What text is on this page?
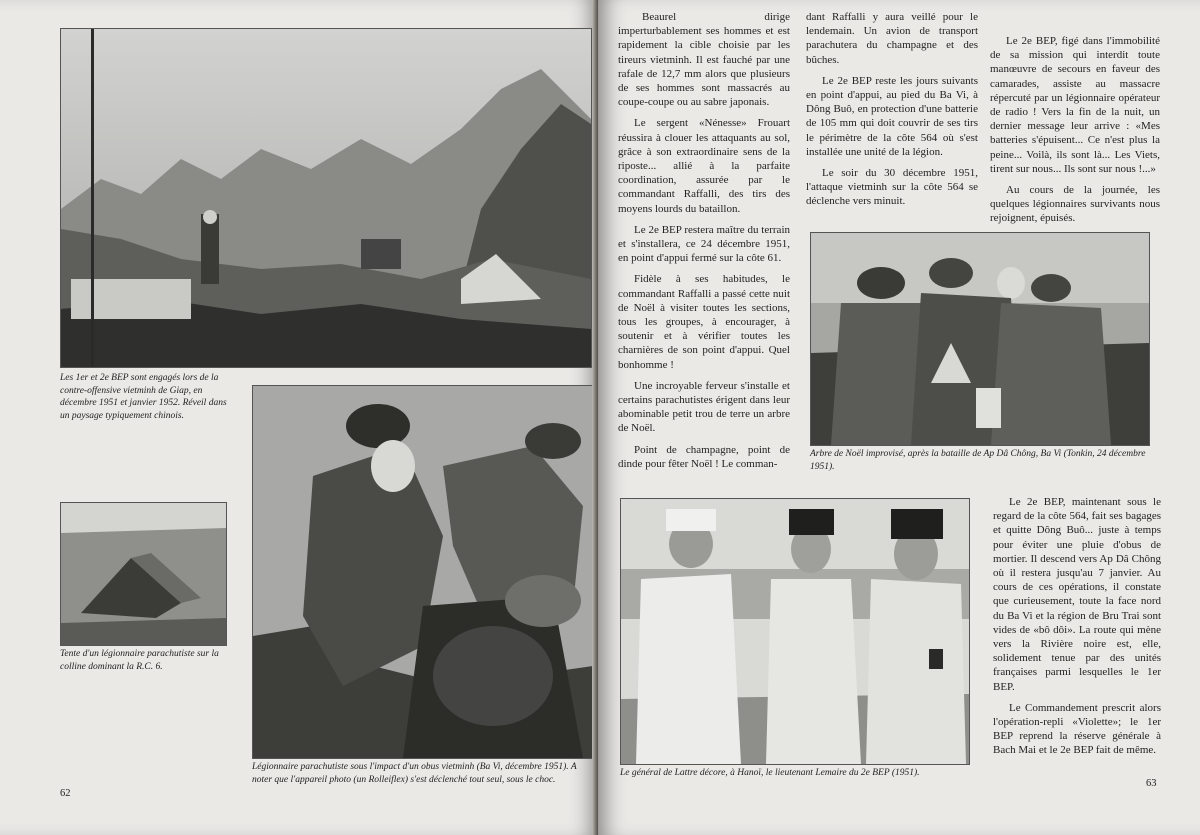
Les 1er et 2e BEP sont engagés lors de la contre-offensive vietminh de Giap, en décembre 1951 et janvier 1952. Réveil dans un paysage typiquement chinois.
Tente d'un légionnaire parachutiste sur la colline dominant la R.C. 6.
Légionnaire parachutiste sous l'impact d'un obus vietminh (Ba Vi, décembre 1951). A noter que l'appareil photo (un Rolleiflex) s'est déclenché tout seul, sous le choc.
62

Beaurel dirige imperturbablement ses hommes et est rapidement la cible choisie par les tireurs vietminh. Il est fauché par une rafale de 12,7 mm alors que plusieurs de ses hommes sont massacrés au coupe-coupe ou au sabre japonais.

Le sergent «Nénesse» Frouart réussira à clouer les attaquants au sol, grâce à son extraordinaire sens de la riposte... allié à la parfaite coordination, assurée par le commandant Raffalli, des tirs des moyens lourds du bataillon.

Le 2e BEP restera maître du terrain et s'installera, ce 24 décembre 1951, en point d'appui fermé sur la côte 61.

Fidèle à ses habitudes, le commandant Raffalli a passé cette nuit de Noël à visiter toutes les sections, tous les groupes, à encourager, à soutenir et à vérifier toutes les charnières de son point d'appui. Quel bonhomme !

Une incroyable ferveur s'installe et certains parachutistes érigent dans leur abominable petit trou de terre un arbre de Noël.

Point de champagne, point de dinde pour fêter Noël ! Le comman-

dant Raffalli y aura veillé pour le lendemain. Un avion de transport parachutera du champagne et des bûches.

Le 2e BEP reste les jours suivants en point d'appui, au pied du Ba Vi, à Dông Buô, en protection d'une batterie de 105 mm qui doit couvrir de ses tirs le périmètre de la côte 564 où s'est installée une unité de la légion.

Le soir du 30 décembre 1951, l'attaque vietminh sur la côte 564 se déclenche vers minuit.

Le 2e BEP, figé dans l'immobilité de sa mission qui interdit toute manœuvre de secours en faveur des camarades, assiste au massacre répercuté par un légionnaire opérateur de radio ! Vers la fin de la nuit, un dernier message leur arrive : «Mes batteries s'épuisent... Ce n'est plus la peine... Voilà, ils sont là... Les Viets, tirent sur nous... Ils sont sur nous !...»

Au cours de la journée, les quelques légionnaires survivants nous rejoignent, épuisés.

Arbre de Noël improvisé, après la bataille de Ap Dâ Chông, Ba Vi (Tonkin, 24 décembre 1951).
Le général de Lattre décore, à Hanoï, le lieutenant Lemaire du 2e BEP (1951).

Le 2e BEP, maintenant sous le regard de la côte 564, fait ses bagages et quitte Dông Buô... juste à temps pour éviter une pluie d'obus de mortier. Il descend vers Ap Dâ Chông où il restera jusqu'au 7 janvier. Au cours de ces opérations, il constate que curieusement, toute la face nord du Ba Vi et la région de Bru Trai sont vides de «bô dôi». La route qui mène vers la Rivière noire est, elle, solidement tenue par des unités françaises parmi lesquelles le 1er BEP.

Le Commandement prescrit alors l'opération-repli «Violette»; le 1er BEP reprend la réserve générale à Bach Mai et le 2e BEP fait de même.

63
